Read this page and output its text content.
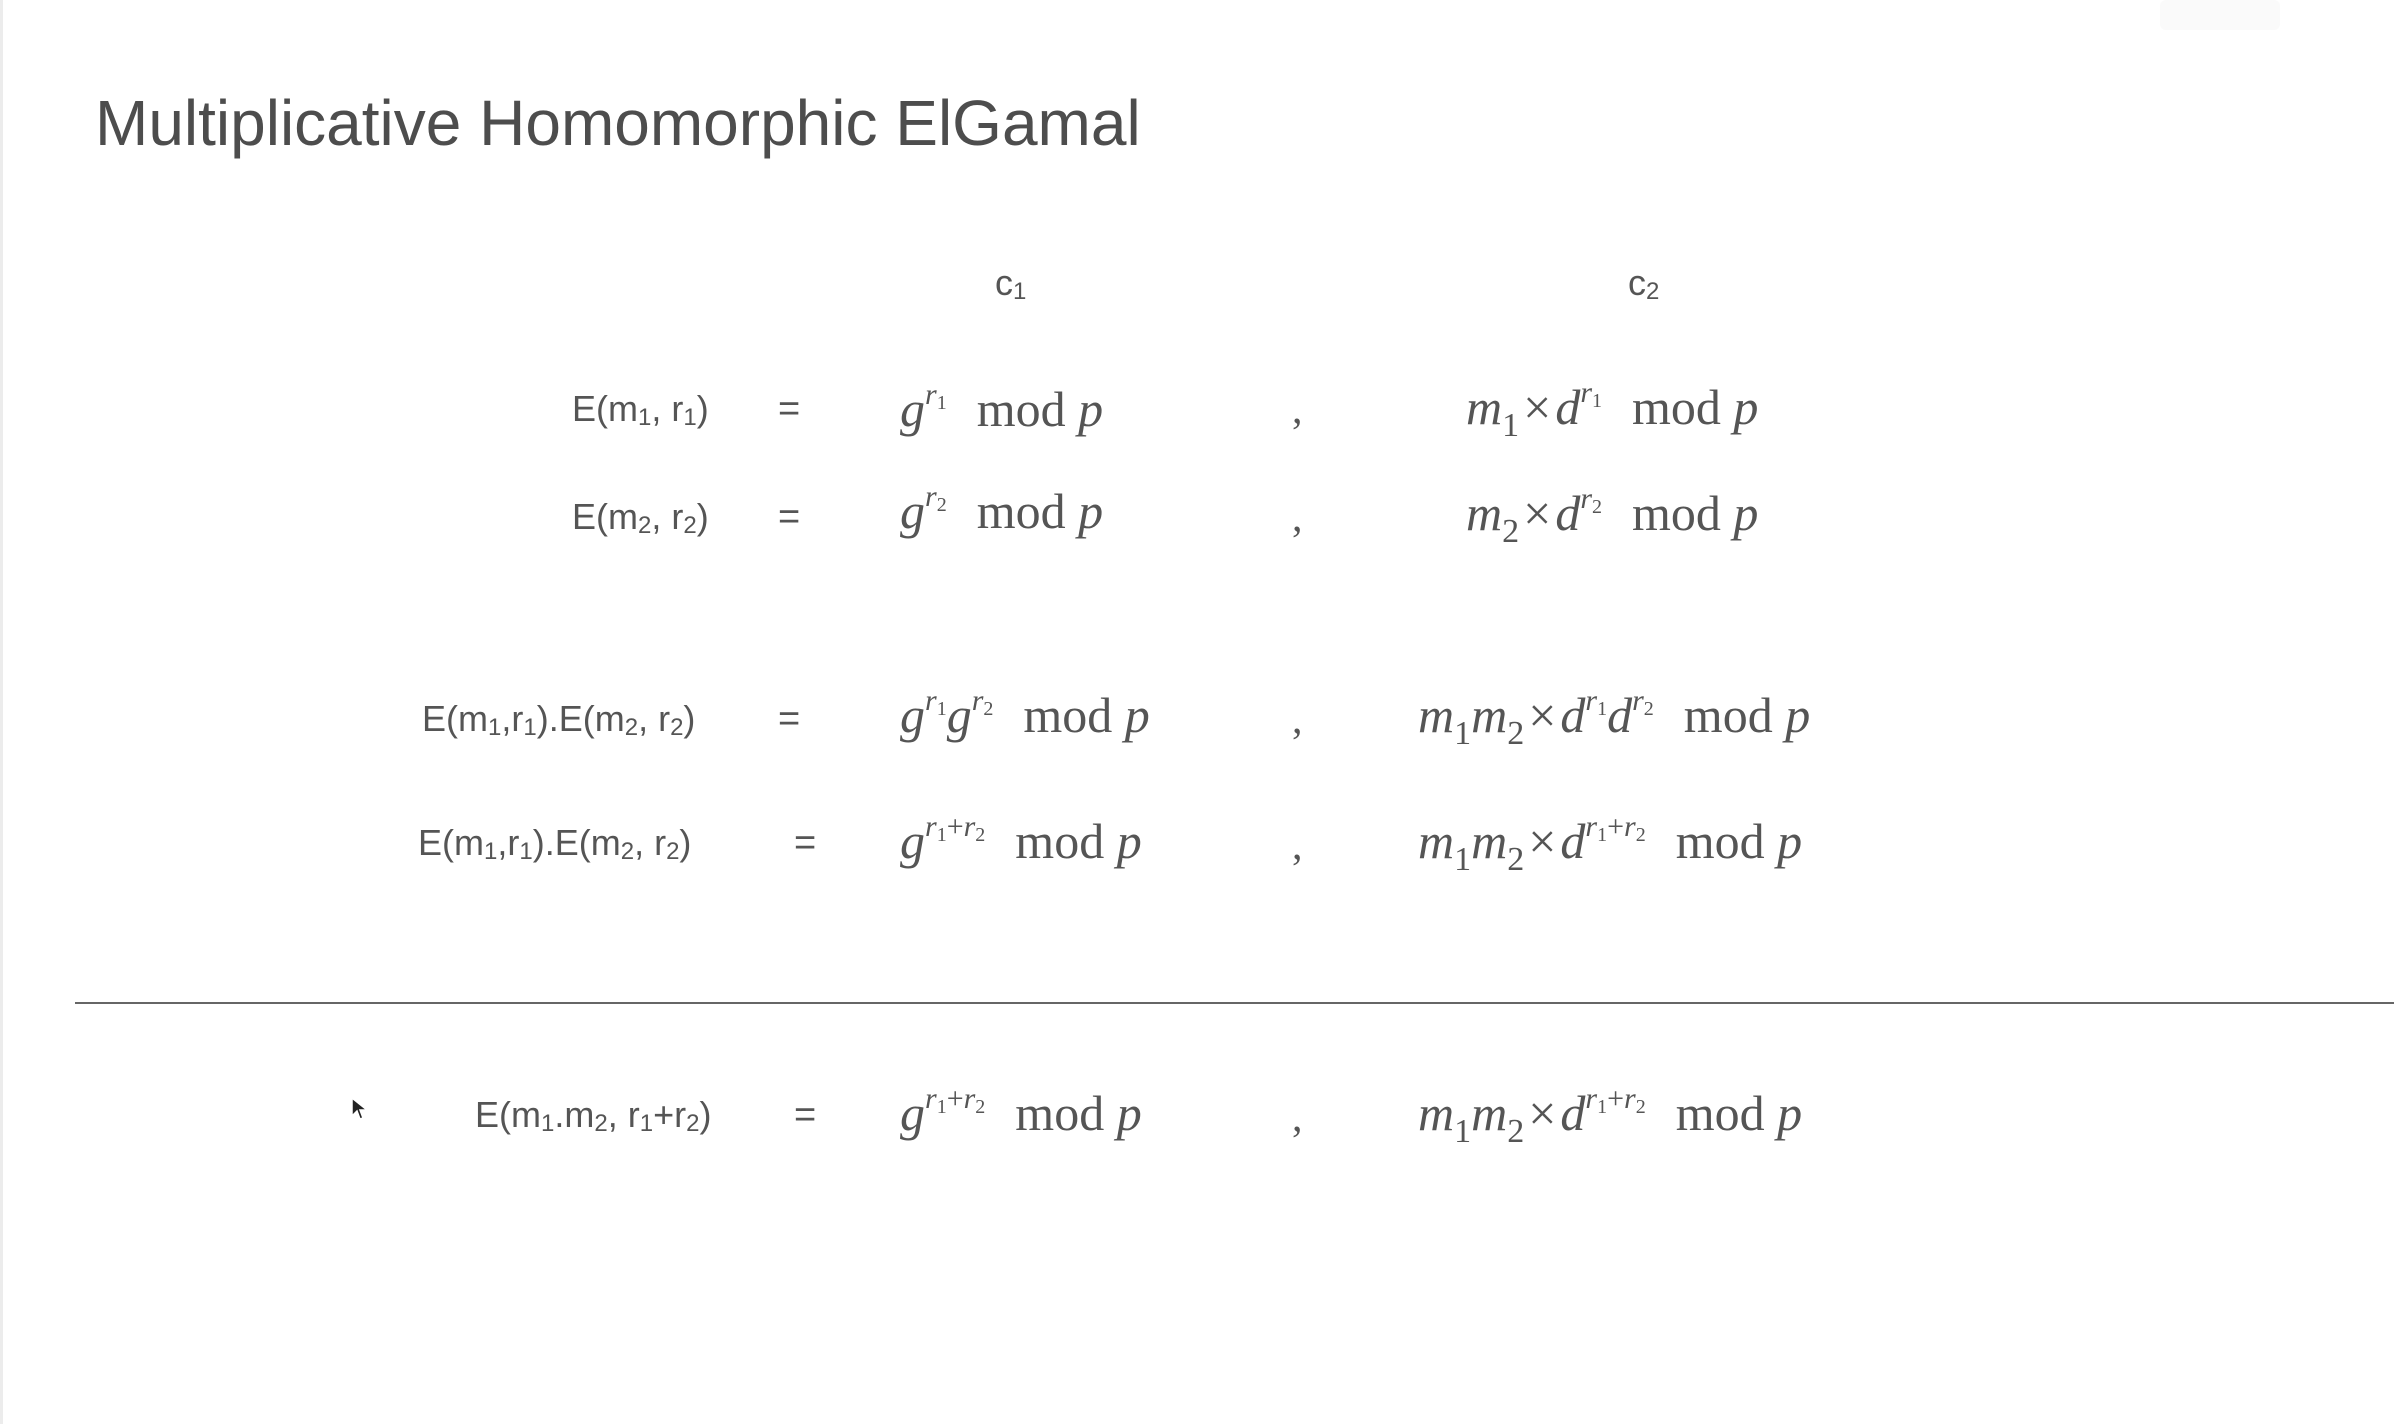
Multiplicative Homomorphic ElGamal
$c_1$	$c_2$
$E(m_1$, $r_1) = g^{r_1}$ mod p	,	$m_1\times d^{r_1}$ mod p
$E(m_2$, $r_2) = g^{r_2}$ mod p	,	$m_2\times d^{r_2}$ mod p
$E(m_1,r_1).E(m_2$, $r_2) = g^{r_1}g^{r_2}$ mod p	, $m_1m_2\times d^{r_1}d^{r_2}$ mod p
$E(m_1,r_1).E(m_2$, $r_2$)	= $g^{r_1+r_2}$ mod p	, $m_1m_2\times d^{r_1+r_2}$ mod p
$E(m_1.m_2$, $r_1+r_2) = g^{r_1+r_2}$ mod p	, $m_1m_2\times d^{r_1+r_2}$ mod p
